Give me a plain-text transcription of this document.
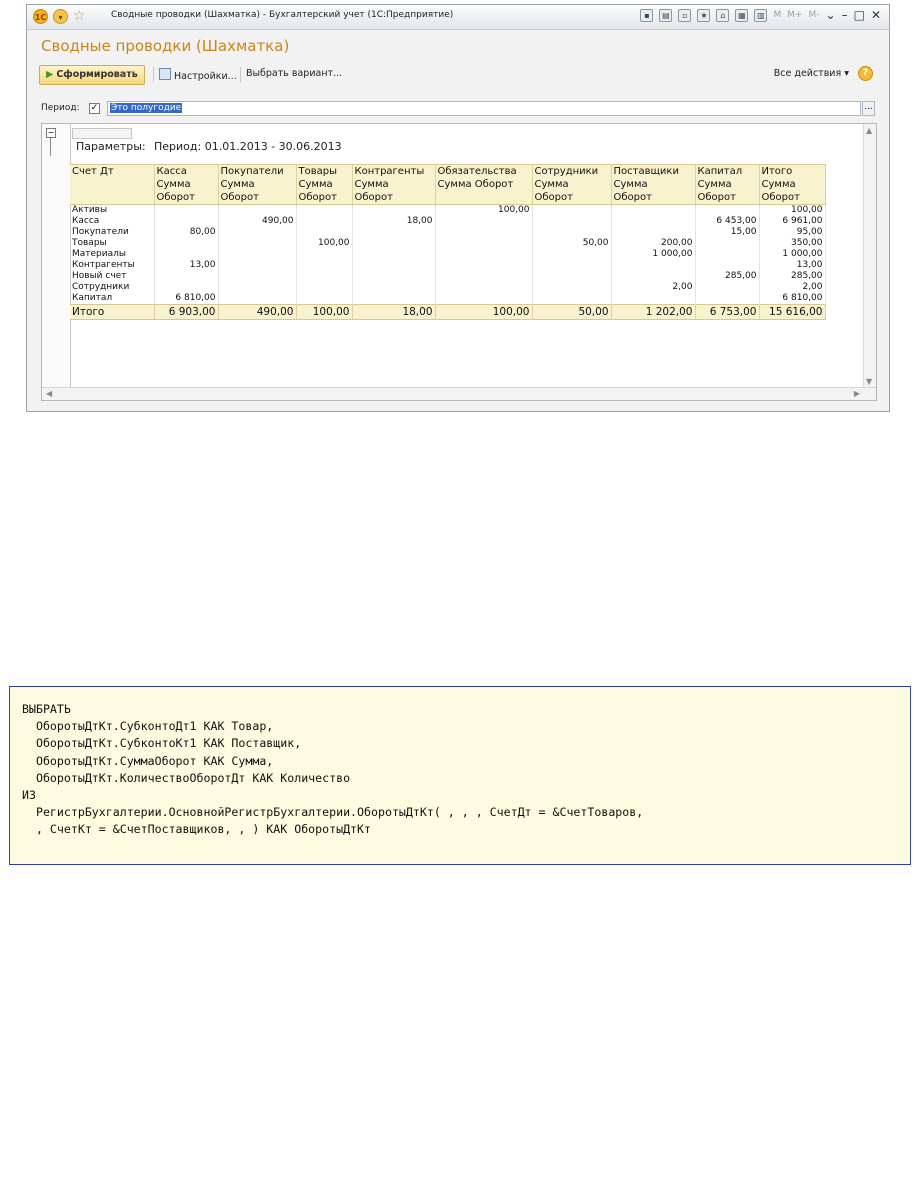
1C	▾ ☆	Сводные проводки (Шахматка) - Бухгалтерский учет (1С:Предприятие)	▪	▤	▫	★	⌂	▦	▥ M M+ M- ⌄ – □ ✕
Сводные проводки (Шахматка)
▶ Сформировать	Настройки... Выбрать вариант...	Все действия ▾	?
Период: ✓ Это полугодие	...
−
Параметры: Период: 01.01.2013 - 30.06.2013
Счет Дт	Касса	Покупатели	Товары	Контрагенты	Обязательства	Сотрудники	Поставщики	Капитал	Итого
	Сумма	Сумма	Сумма	Сумма	Сумма Оборот	Сумма	Сумма	Сумма	Сумма
	Оборот	Оборот	Оборот	Оборот		Оборот	Оборот	Оборот	Оборот
Активы					100,00				100,00
Касса		490,00		18,00				6 453,00	6 961,00
Покупатели	80,00							15,00	95,00
Товары			100,00			50,00	200,00		350,00
Материалы							1 000,00		1 000,00
Контрагенты	13,00								13,00
Новый счет								285,00	285,00
Сотрудники							2,00		2,00
Капитал	6 810,00								6 810,00
Итого	6 903,00	490,00	100,00	18,00	100,00	50,00	1 202,00	6 753,00	15 616,00
▲
▼
◀	▶
ВЫБРАТЬ
ОборотыДтКт.СубконтоДт1 КАК Товар,
ОборотыДтКт.СубконтоКт1 КАК Поставщик,
ОборотыДтКт.СуммаОборот КАК Сумма,
ОборотыДтКт.КоличествоОборотДт КАК Количество
ИЗ
РегистрБухгалтерии.ОсновнойРегистрБухгалтерии.ОборотыДтКт( , , , СчетДт = &СчетТоваров,
, СчетКт = &СчетПоставщиков, , ) КАК ОборотыДтКт
